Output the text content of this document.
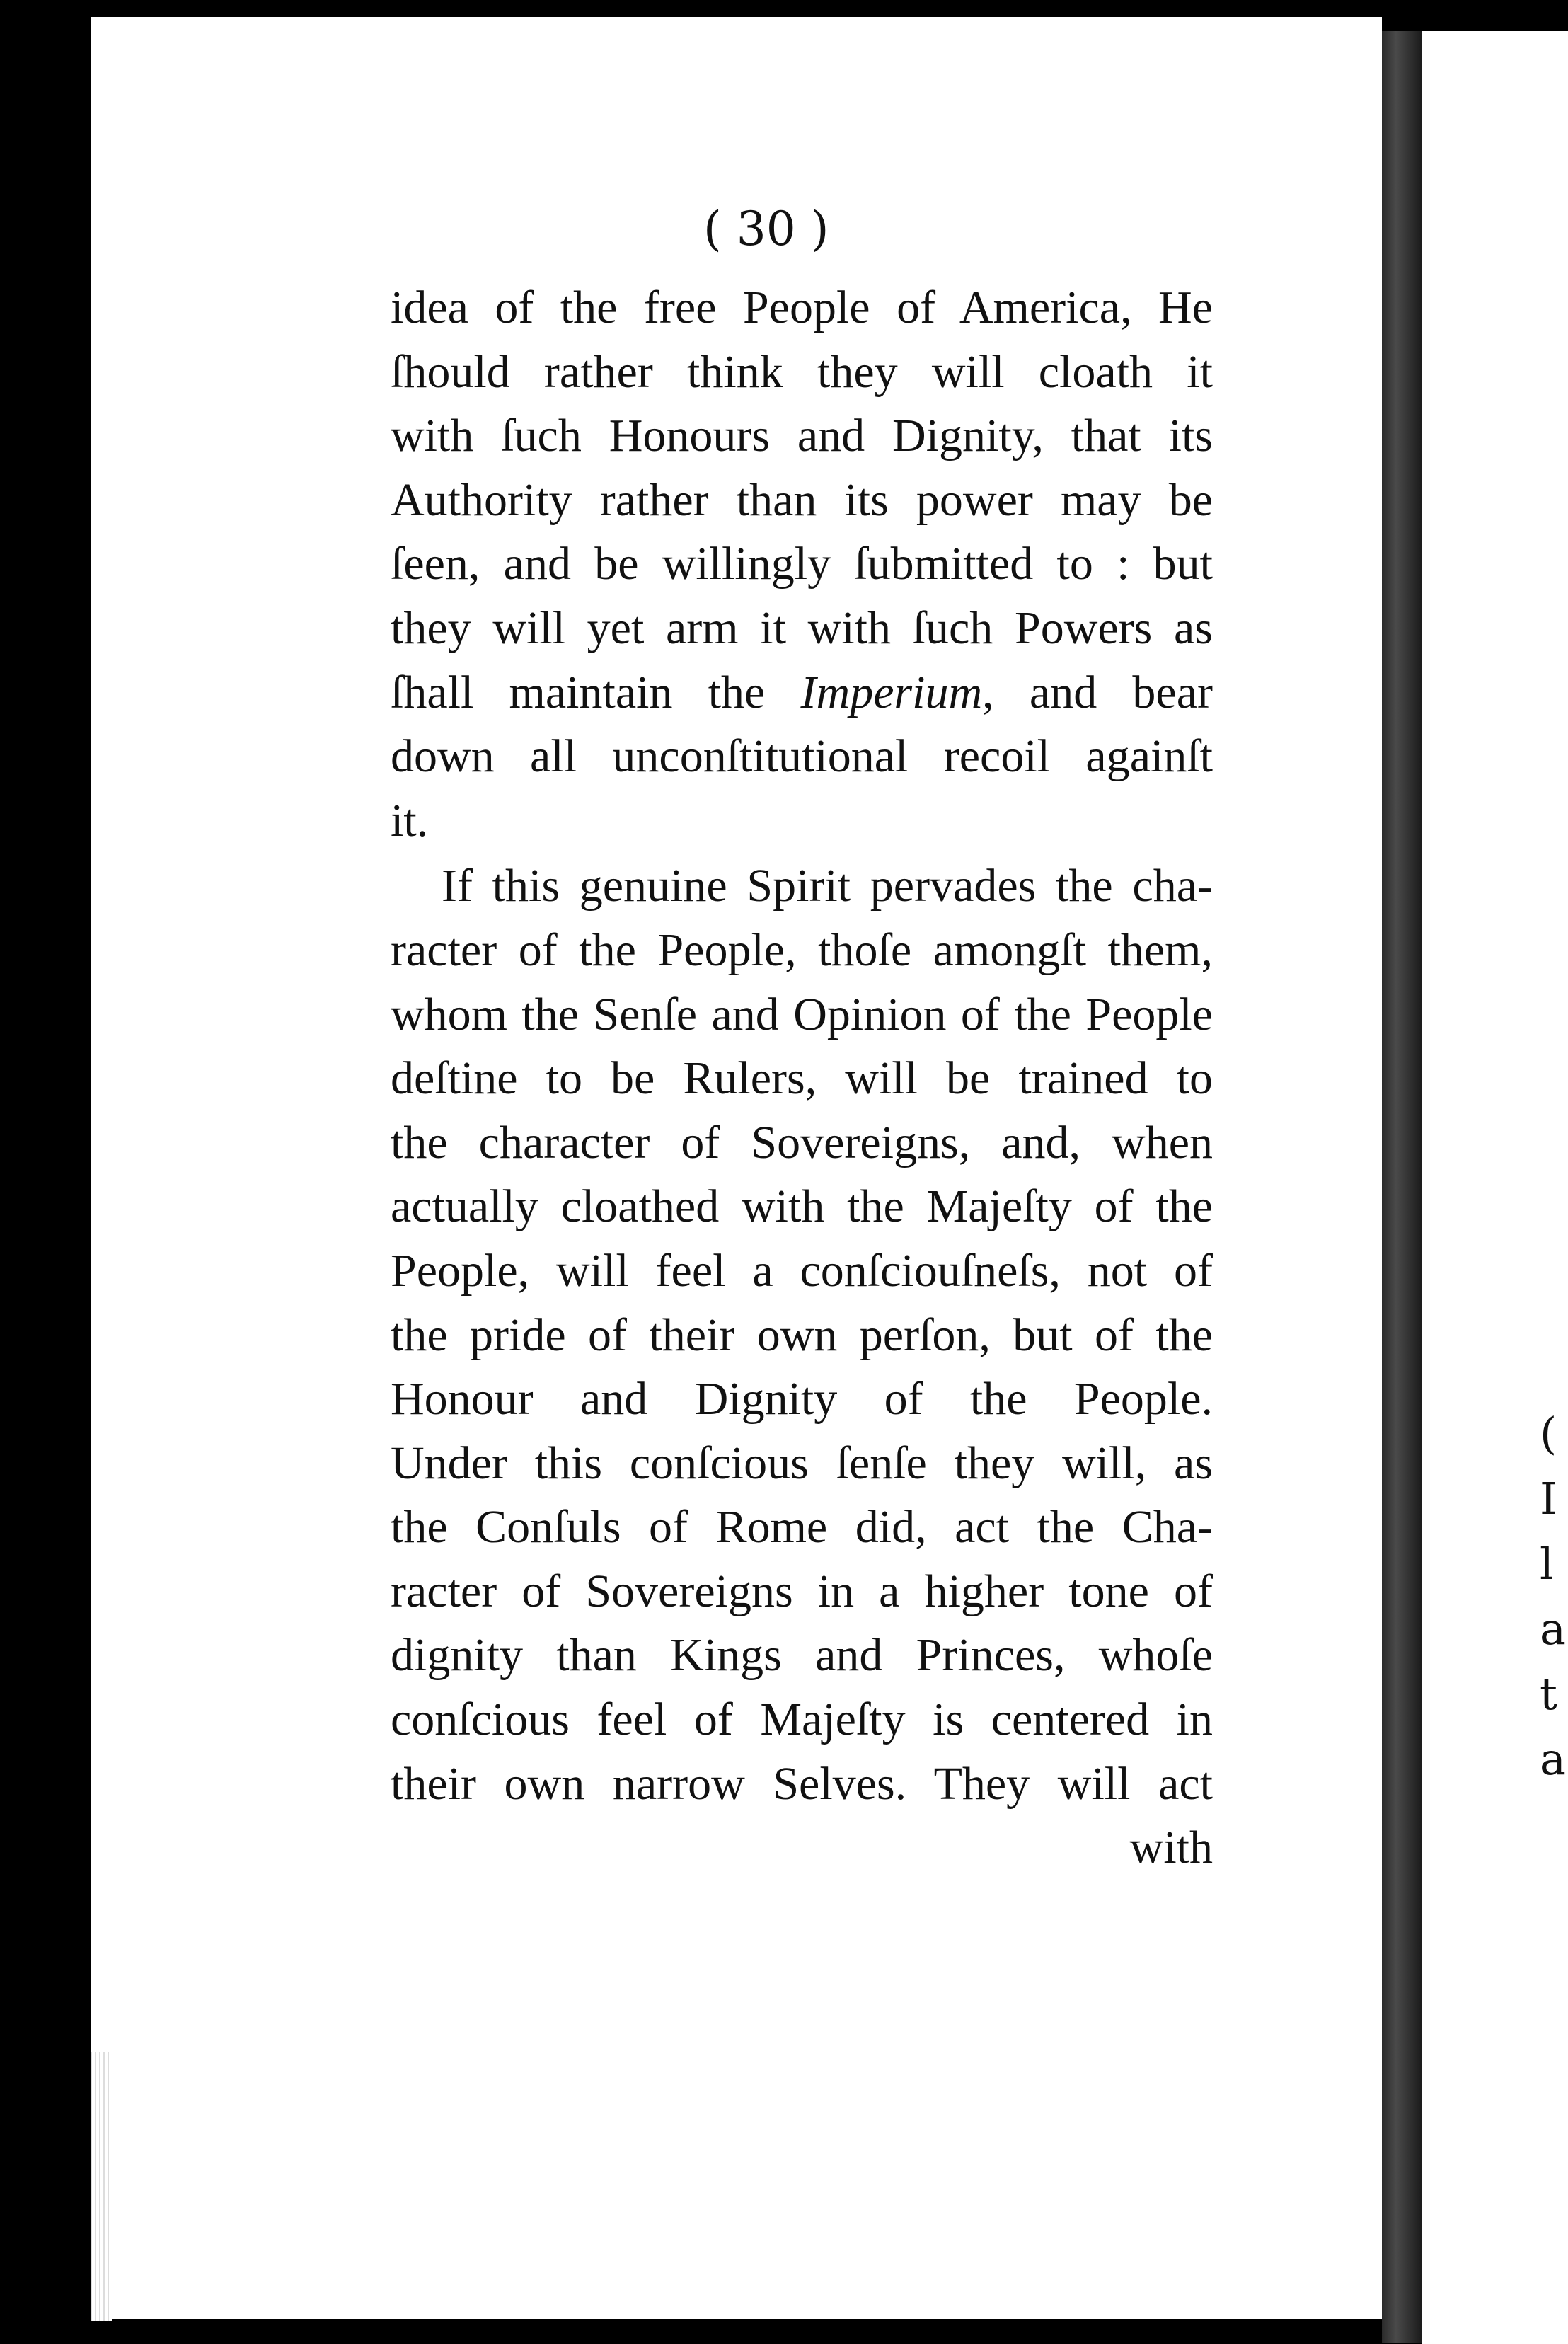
(
I
l
a
t
a
( 30 )
idea of the free People of America, He
ſhould rather think they will cloath it
with ſuch Honours and Dignity, that its
Authority rather than its power may be
ſeen, and be willingly ſubmitted to : but
they will yet arm it with ſuch Powers as
ſhall maintain the Imperium, and bear
down all unconſtitutional recoil againſt
it.
If this genuine Spirit pervades the cha-
racter of the People, thoſe amongſt them,
whom the Senſe and Opinion of the People
deſtine to be Rulers, will be trained to
the character of Sovereigns, and, when
actually cloathed with the Majeſty of the
People, will feel a conſciouſneſs, not of
the pride of their own perſon, but of the
Honour and Dignity of the People.
Under this conſcious ſenſe they will, as
the Conſuls of Rome did, act the Cha-
racter of Sovereigns in a higher tone of
dignity than Kings and Princes, whoſe
conſcious feel of Majeſty is centered in
their own narrow Selves. They will act
with
